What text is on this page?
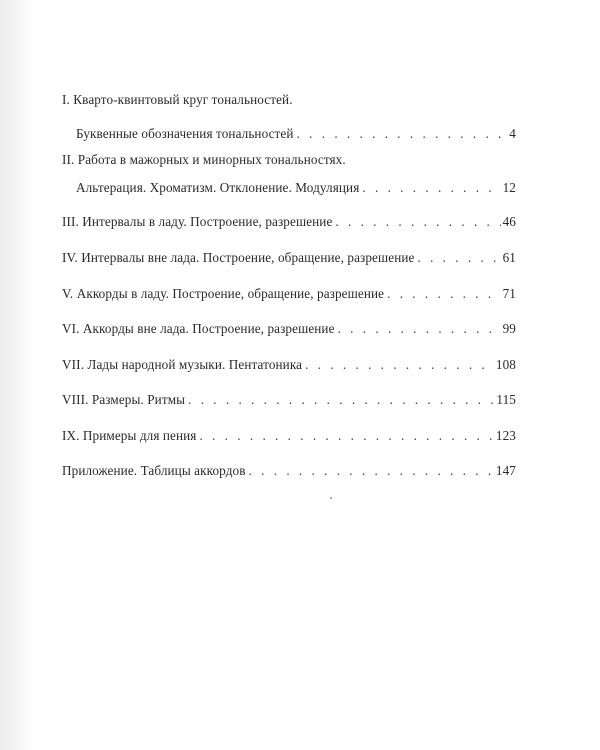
I. Кварто-квинтовый круг тональностей.
Буквенные обозначения тональностей . . .	4
II. Работа в мажорных и минорных тональностях.
Альтерация. Хроматизм. Отклонение. Модуляция . . .	12
III. Интервалы в ладу. Построение, разрешение . . .	46
IV. Интервалы вне лада. Построение, обращение, разрешение . . .	61
V. Аккорды в ладу. Построение, обращение, разрешение . . .	71
VI. Аккорды вне лада. Построение, разрешение . . .	99
VII. Лады народной музыки. Пентатоника . . .	108
VIII. Размеры. Ритмы . . .	115
IX. Примеры для пения . . .	123
Приложение. Таблицы аккордов . . .	147
